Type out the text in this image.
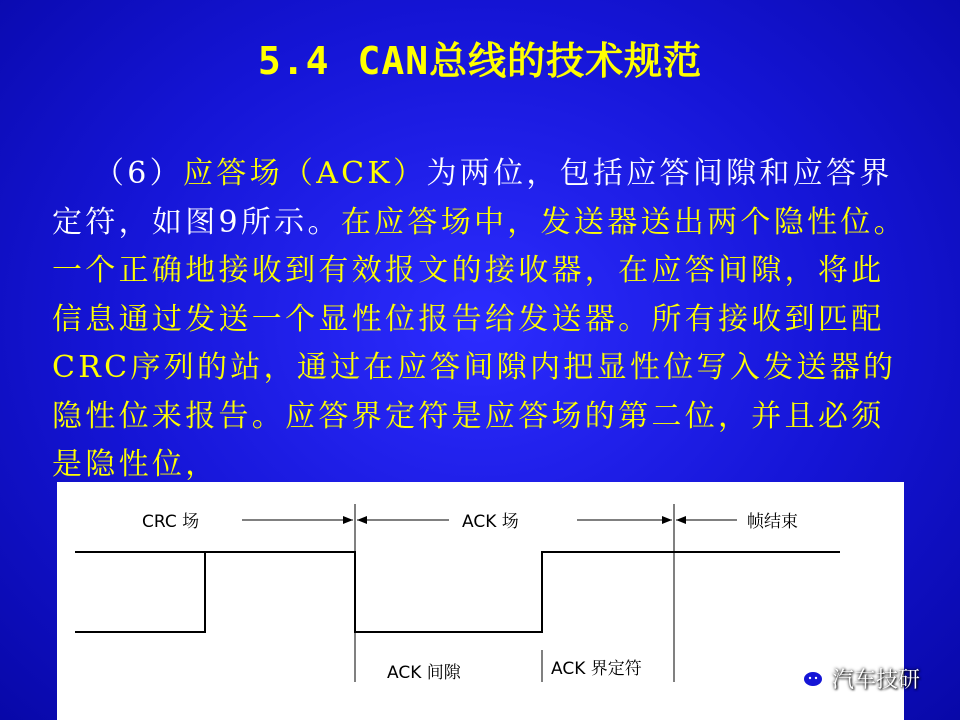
5.4 CAN总线的技术规范
（6）应答场（ACK）为两位，包括应答间隙和应答界定符，如图9所示。在应答场中，发送器送出两个隐性位。一个正确地接收到有效报文的接收器，在应答间隙，将此信息通过发送一个显性位报告给发送器。所有接收到匹配CRC序列的站，通过在应答间隙内把显性位写入发送器的隐性位来报告。应答界定符是应答场的第二位，并且必须是隐性位，
CRC 场	ACK 场	帧结束
ACK 间隙	ACK 界定符	汽车技研
